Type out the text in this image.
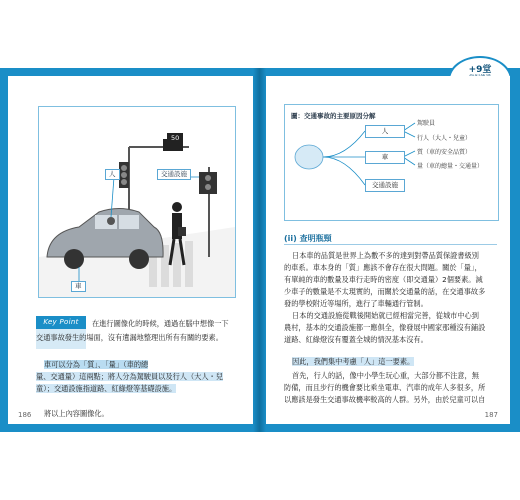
50
人	交通設施
車
Key Point	在進行圖像化的時候，通過在腦中想像一下
交通事故發生的場面，沒有遺漏地整理出所有有關的要素。
車可以分為「質」、「量」（車的總
量、交通量）這兩點；將人分為駕駛員以及行人（大人・兒
童）；交通設施指道路、紅綠燈等基礎設施。
將以上內容圖像化。
186
+9堂
圖：交通事故的主要原因分解
人
車
交通設施
駕駛員
行人（大人・兒童）
質（車的安全品質）
量（車的總量・交通量）
(ii) 查明瓶頸
日本車的品質是世界上為數不多的達到對帶品質保證書級別
的車系。車本身的「質」應該不會存在很大問題。關於「量」，
有單純的車的數量及車行走時的密度（即交通量）2個要素。減
少車子的數量是不太現實的，而關於交通量的話，在交通事故多
發的學校附近等場所，進行了車輛通行管制。
日本的交通設施從戰後開始就已經相當完善，從城市中心到
農村，基本的交通設施都一應俱全，像發展中國家那種沒有鋪設
道路、紅綠燈沒有覆蓋全城的情況基本沒有。
因此，我們集中考慮「人」這一要素。
首先，行人的話，像中小學生玩心重，大部分都不注意，無
防備，而且步行的機會要比乘坐電車、汽車的成年人多很多，所
以應該是發生交通事故機率較高的人群。另外，由於兒童可以自
187
